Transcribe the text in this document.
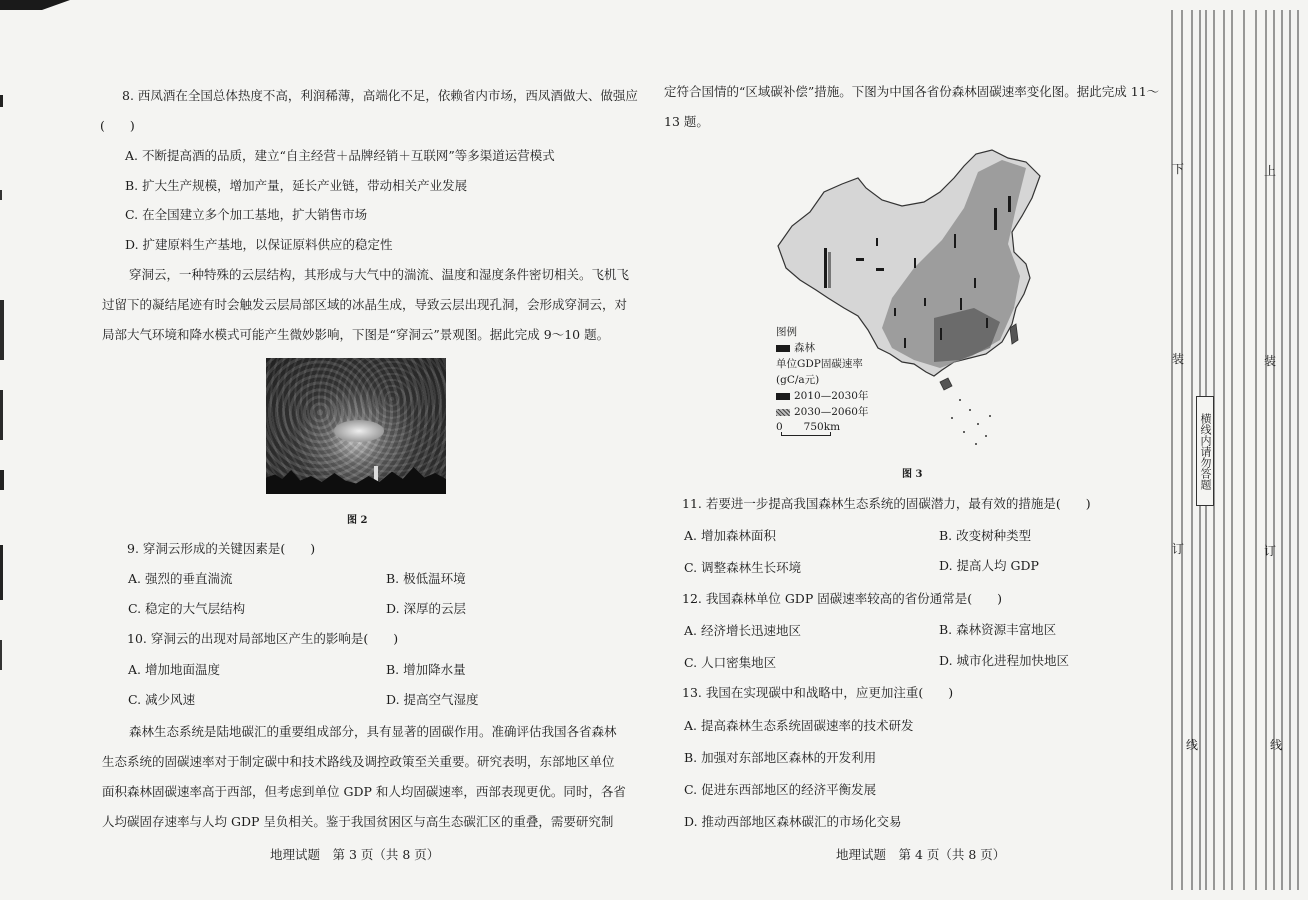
8. 西凤酒在全国总体热度不高，利润稀薄，高端化不足，依赖省内市场，西凤酒做大、做强应
(　　)
A. 不断提高酒的品质，建立“自主经营＋品牌经销＋互联网”等多渠道运营模式
B. 扩大生产规模，增加产量，延长产业链，带动相关产业发展
C. 在全国建立多个加工基地，扩大销售市场
D. 扩建原料生产基地，以保证原料供应的稳定性
穿洞云，一种特殊的云层结构，其形成与大气中的湍流、温度和湿度条件密切相关。飞机飞
过留下的凝结尾迹有时会触发云层局部区域的冰晶生成，导致云层出现孔洞，会形成穿洞云，对
局部大气环境和降水模式可能产生微妙影响，下图是“穿洞云”景观图。据此完成 9～10 题。
图 2
9. 穿洞云形成的关键因素是(　　)
A. 强烈的垂直湍流	B. 极低温环境
C. 稳定的大气层结构	D. 深厚的云层
10. 穿洞云的出现对局部地区产生的影响是(　　)
A. 增加地面温度	B. 增加降水量
C. 减少风速	D. 提高空气湿度
森林生态系统是陆地碳汇的重要组成部分，具有显著的固碳作用。准确评估我国各省森林
生态系统的固碳速率对于制定碳中和技术路线及调控政策至关重要。研究表明，东部地区单位
面积森林固碳速率高于西部，但考虑到单位 GDP 和人均固碳速率，西部表现更优。同时，各省
人均碳固存速率与人均 GDP 呈负相关。鉴于我国贫困区与高生态碳汇区的重叠，需要研究制
地理试题　第 3 页（共 8 页）
定符合国情的“区域碳补偿”措施。下图为中国各省份森林固碳速率变化图。据此完成 11～
13 题。
图例
森林
单位GDP固碳速率
(gC/a元)
2010—2030年
2030—2060年
0　　750km
图 3
11. 若要进一步提高我国森林生态系统的固碳潜力，最有效的措施是(　　)
A. 增加森林面积	B. 改变树种类型
C. 调整森林生长环境	D. 提高人均 GDP
12. 我国森林单位 GDP 固碳速率较高的省份通常是(　　)
A. 经济增长迅速地区	B. 森林资源丰富地区
C. 人口密集地区	D. 城市化进程加快地区
13. 我国在实现碳中和战略中，应更加注重(　　)
A. 提高森林生态系统固碳速率的技术研发
B. 加强对东部地区森林的开发利用
C. 促进东西部地区的经济平衡发展
D. 推动西部地区森林碳汇的市场化交易
地理试题　第 4 页（共 8 页）
下
装
订
线
上
装
订
线
横线内请勿答题
